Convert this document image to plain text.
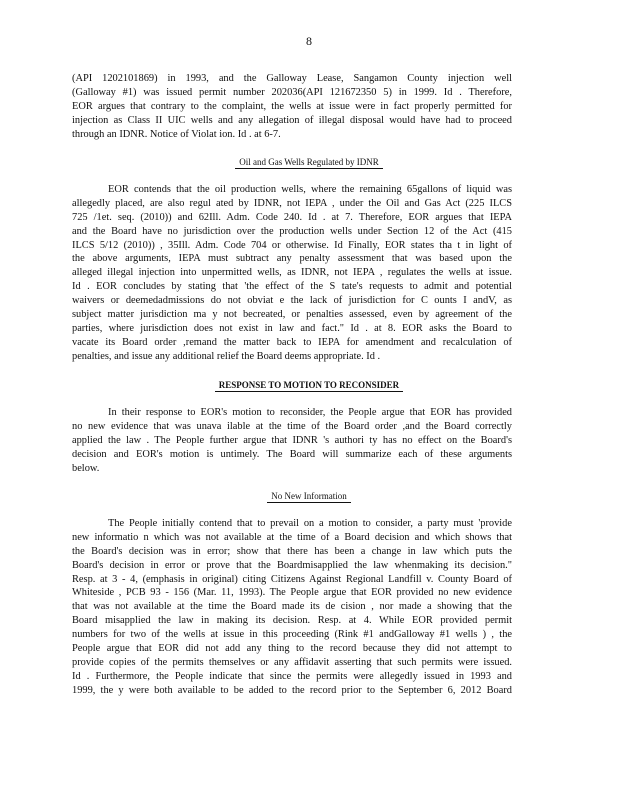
8
(API 1202101869) in 1993, and the Galloway Lease, Sangamon County injection well
(Galloway #1) was issued permit number 202036(API 121672350 5) in 1999. Id . Therefore,
EOR argues that contrary to the complaint, the wells at issue were in fact properly permitted for
injection as Class II UIC wells and any allegation of illegal disposal would have had to proceed
through an IDNR. Notice of Violat ion. Id . at 6-7.
Oil and Gas Wells Regulated by IDNR
EOR contends that the oil production wells, where the remaining 65gallons of liquid was
allegedly placed, are also regul ated by IDNR, not IEPA , under the Oil and Gas Act (225 ILCS
725 /1et. seq. (2010)) and 62Ill. Adm. Code 240. Id . at 7. Therefore, EOR argues that IEPA
and the Board have no jurisdiction over the production wells under Section 12 of the Act (415
ILCS 5/12 (2010)) , 35Ill. Adm. Code 704 or otherwise. Id Finally, EOR states tha t in light of
the above arguments, IEPA must subtract any penalty assessment that was based upon the
alleged illegal injection into unpermitted wells, as IDNR, not IEPA , regulates the wells at issue.
Id . EOR concludes by stating that 'the effect of the S tate's requests to admit and potential
waivers or deemedadmissions do not obviat e the lack of jurisdiction for C ounts I andV, as
subject matter jurisdiction ma y not becreated, or penalties assessed, even by agreement of the
parties, where jurisdiction does not exist in law and fact." Id . at 8. EOR asks the Board to
vacate its Board order ,remand the matter back to IEPA for amendment and recalculation of
penalties, and issue any additional relief the Board deems appropriate. Id .
RESPONSE TO MOTION TO RECONSIDER
In their response to EOR's motion to reconsider, the People argue that EOR has provided
no new evidence that was unava ilable at the time of the Board order ,and the Board correctly
applied the law . The People further argue that IDNR 's authori ty has no effect on the Board's
decision and EOR's motion is untimely. The Board will summarize each of these arguments
below.
No New Information
The People initially contend that to prevail on a motion to consider, a party must 'provide
new informatio n which was not available at the time of a Board decision and which shows that
the Board's decision was in error; show that there has been a change in law which puts the
Board's decision in error or prove that the Boardmisapplied the law whenmaking its decision."
Resp. at 3 - 4, (emphasis in original) citing Citizens Against Regional Landfill v. County Board of
Whiteside , PCB 93 - 156 (Mar. 11, 1993). The People argue that EOR provided no new evidence
that was not available at the time the Board made its de cision , nor made a showing that the
Board misapplied the law in making its decision. Resp. at 4. While EOR provided permit
numbers for two of the wells at issue in this proceeding (Rink #1 andGalloway #1 wells ) , the
People argue that EOR did not add any thing to the record because they did not attempt to
provide copies of the permits themselves or any affidavit asserting that such permits were issued.
Id . Furthermore, the People indicate that since the permits were allegedly issued in 1993 and
1999, the y were both available to be added to the record prior to the September 6, 2012 Board
